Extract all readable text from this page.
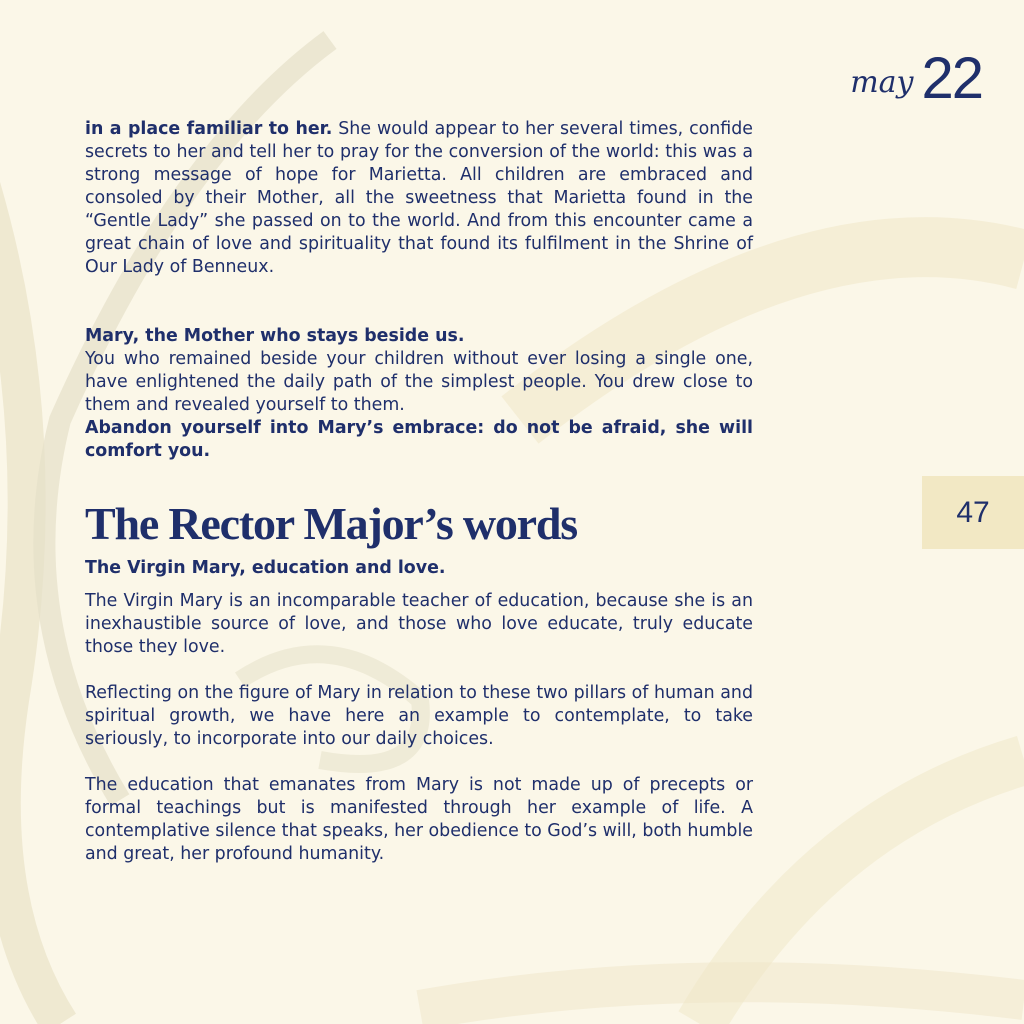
may 22
47

in a place familiar to her. She would appear to her several times, confide secrets to her and tell her to pray for the conversion of the world: this was a strong message of hope for Marietta. All children are embraced and consoled by their Mother, all the sweetness that Marietta found in the “Gentle Lady” she passed on to the world. And from this encounter came a great chain of love and spirituality that found its fulfilment in the Shrine of Our Lady of Benneux.

Mary, the Mother who stays beside us.

You who remained beside your children without ever losing a single one, have enlightened the daily path of the simplest people. You drew close to them and revealed yourself to them.

Abandon yourself into Mary’s embrace: do not be afraid, she will comfort you.

The Rector Major’s words
The Virgin Mary, education and love.

The Virgin Mary is an incomparable teacher of education, because she is an inexhaustible source of love, and those who love educate, truly educate those they love.

Reflecting on the figure of Mary in relation to these two pillars of human and spiritual growth, we have here an example to contemplate, to take seriously, to incorporate into our daily choices.

The education that emanates from Mary is not made up of precepts or formal teachings but is manifested through her example of life. A contemplative silence that speaks, her obedience to God’s will, both humble and great, her profound humanity.
